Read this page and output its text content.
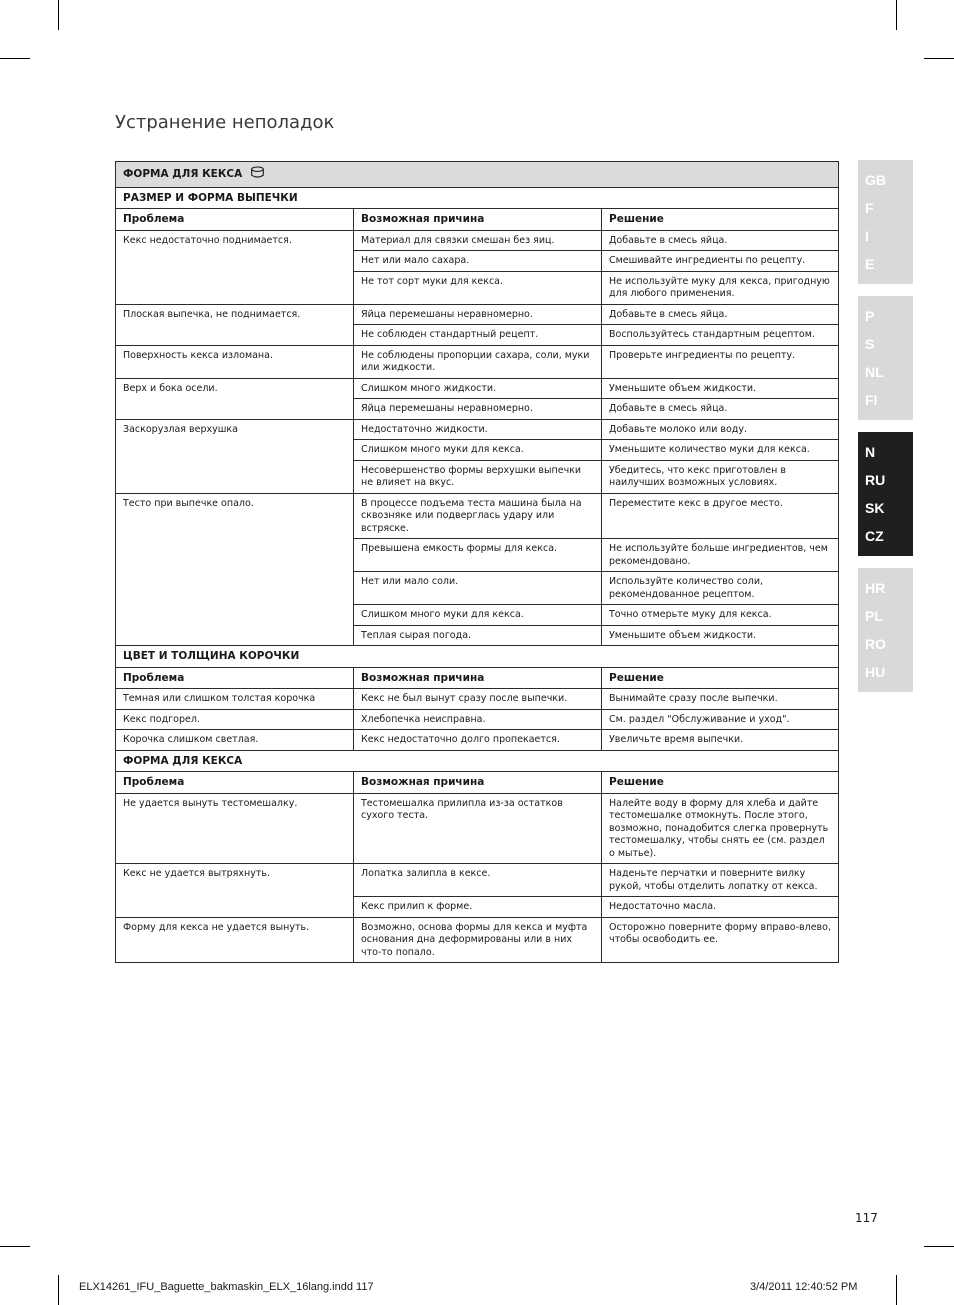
Устранение неполадок
ФОРМА ДЛЯ КЕКСА		
РАЗМЕР И ФОРМА ВЫПЕЧКИ		
Проблема	Возможная причина	Решение
Кекс недостаточно поднимается.	Материал для связки смешан без яиц.	Добавьте в смесь яйца.
	Нет или мало сахара.	Смешивайте ингредиенты по рецепту.
	Не тот сорт муки для кекса.	Не используйте муку для кекса, пригодную для любого применения.
Плоская выпечка, не поднимается.	Яйца перемешаны неравномерно.	Добавьте в смесь яйца.
	Не соблюден стандартный рецепт.	Воспользуйтесь стандартным рецептом.
Поверхность кекса изломана.	Не соблюдены пропорции сахара, соли, муки или жидкости.	Проверьте ингредиенты по рецепту.
Верх и бока осели.	Слишком много жидкости.	Уменьшите объем жидкости.
	Яйца перемешаны неравномерно.	Добавьте в смесь яйца.
Заскорузлая верхушка	Недостаточно жидкости.	Добавьте молоко или воду.
	Слишком много муки для кекса.	Уменьшите количество муки для кекса.
	Несовершенство формы верхушки выпечки не влияет на вкус.	Убедитесь, что кекс приготовлен в наилучших возможных условиях.
Тесто при выпечке опало.	В процессе подъема теста машина была на сквозняке или подверглась удару или встряске.	Переместите кекс в другое место.
	Превышена емкость формы для кекса.	Не используйте больше ингредиентов, чем рекомендовано.
	Нет или мало соли.	Используйте количество соли, рекомендованное рецептом.
	Слишком много муки для кекса.	Точно отмерьте муку для кекса.
	Теплая сырая погода.	Уменьшите объем жидкости.
ЦВЕТ И ТОЛЩИНА КОРОЧКИ		
Проблема	Возможная причина	Решение
Темная или слишком толстая корочка	Кекс не был вынут сразу после выпечки.	Вынимайте сразу после выпечки.
Кекс подгорел.	Хлебопечка неисправна.	См. раздел "Обслуживание и уход".
Корочка слишком светлая.	Кекс недостаточно долго пропекается.	Увеличьте время выпечки.
ФОРМА ДЛЯ КЕКСА		
Проблема	Возможная причина	Решение
Не удается вынуть тестомешалку.	Тестомешалка прилипла из-за остатков сухого теста.	Налейте воду в форму для хлеба и дайте тестомешалке отмокнуть. После этого, возможно, понадобится слегка провернуть тестомешалку, чтобы снять ее (см. раздел о мытье).
Кекс не удается вытряхнуть.	Лопатка залипла в кексе.	Наденьте перчатки и поверните вилку рукой, чтобы отделить лопатку от кекса.
	Кекс прилип к форме.	Недостаточно масла.
Форму для кекса не удается вынуть.	Возможно, основа формы для кекса и муфта основания дна деформированы или в них что-то попало.	Осторожно поверните форму вправо-влево, чтобы освободить ее.
GB
F
I
E
P
S
NL
FI
N
RU
SK
CZ
HR
PL
RO
HU
117
ELX14261_IFU_Baguette_bakmaskin_ELX_16lang.indd 117	3/4/2011 12:40:52 PM
